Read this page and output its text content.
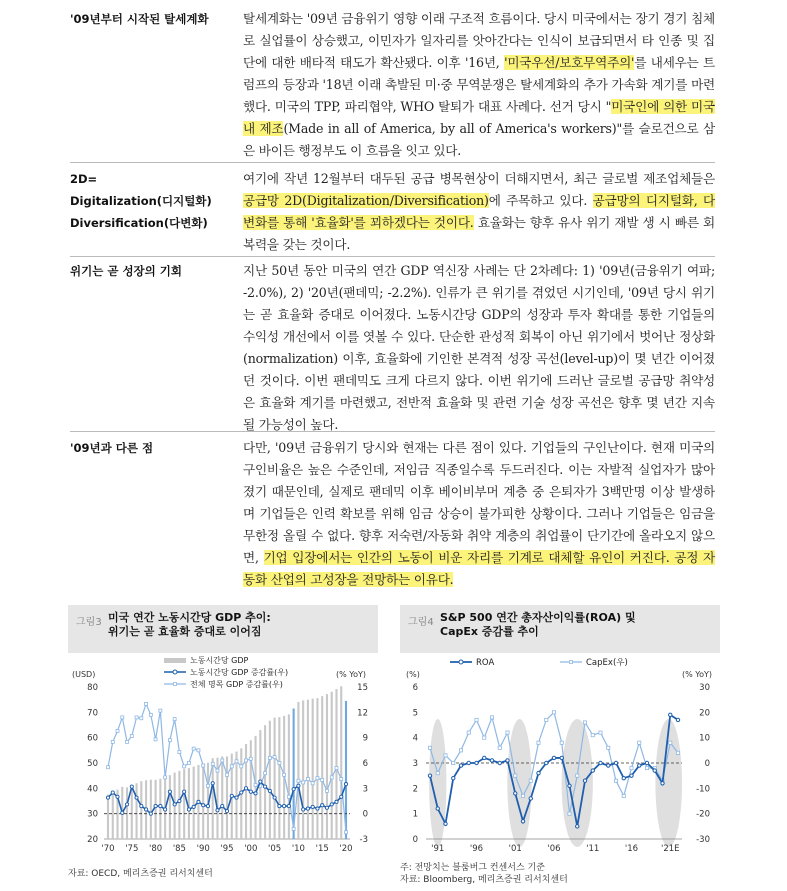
'09년부터 시작된 탈세계화	탈세계화는 '09년 금융위기 영향 이래 구조적 흐름이다. 당시 미국에서는 장기 경기 침체로 실업률이 상승했고, 이민자가 일자리를 앗아간다는 인식이 보급되면서 타 인종 및 집단에 대한 배타적 태도가 확산됐다. 이후 '16년, '미국우선/보호무역주의'를 내세우는 트럼프의 등장과 '18년 이래 촉발된 미·중 무역분쟁은 탈세계화의 추가 가속화 계기를 마련했다. 미국의 TPP, 파리협약, WHO 탈퇴가 대표 사례다. 선거 당시 "미국인에 의한 미국 내 제조(Made in all of America, by all of America's workers)"를 슬로건으로 삼은 바이든 행정부도 이 흐름을 잇고 있다.
2D=
Digitalization(디지털화)
Diversification(다변화)
여기에 작년 12월부터 대두된 공급 병목현상이 더해지면서, 최근 글로벌 제조업체들은 공급망 2D(Digitalization/Diversification)에 주목하고 있다. 공급망의 디지털화, 다변화를 통해 '효율화'를 꾀하겠다는 것이다. 효율화는 향후 유사 위기 재발 생 시 빠른 회복력을 갖는 것이다.
위기는 곧 성장의 기회	지난 50년 동안 미국의 연간 GDP 역신장 사례는 단 2차례다: 1) '09년(금융위기 여파; -2.0%), 2) '20년(팬데믹; -2.2%). 인류가 큰 위기를 겪었던 시기인데, '09년 당시 위기는 곧 효율화 증대로 이어졌다. 노동시간당 GDP의 성장과 투자 확대를 통한 기업들의 수익성 개선에서 이를 엿볼 수 있다. 단순한 관성적 회복이 아닌 위기에서 벗어난 정상화(normalization) 이후, 효율화에 기인한 본격적 성장 곡선(level-up)이 몇 년간 이어졌던 것이다. 이번 팬데믹도 크게 다르지 않다. 이번 위기에 드러난 글로벌 공급망 취약성은 효율화 계기를 마련했고, 전반적 효율화 및 관련 기술 성장 곡선은 향후 몇 년간 지속될 가능성이 높다.
'09년과 다른 점	다만, '09년 금융위기 당시와 현재는 다른 점이 있다. 기업들의 구인난이다. 현재 미국의 구인비율은 높은 수준인데, 저임금 직종일수록 두드러진다. 이는 자발적 실업자가 많아졌기 때문인데, 실제로 팬데믹 이후 베이비부머 계층 중 은퇴자가 3백만명 이상 발생하며 기업들은 인력 확보를 위해 임금 상승이 불가피한 상황이다. 그러나 기업들은 임금을 무한정 올릴 수 없다. 향후 저숙련/자동화 취약 계층의 취업률이 단기간에 올라오지 않으면, 기업 입장에서는 인간의 노동이 비운 자리를 기계로 대체할 유인이 커진다. 공정 자동화 산업의 고성장을 전망하는 이유다.
그림3 미국 연간 노동시간당 GDP 추이:
위기는 곧 효율화 증대로 이어짐
(USD)	(% YoY)
80
70
60
50
40
30
20
15
12
9
6
3
0
-3
'70 '75 '80 '85 '90 '95 '00 '05 '10 '15 '20
노동시간당 GDP
노동시간당 GDP 증감률(우)
전체 명목 GDP 증감률(우)
자료: OECD, 메리츠증권 리서치센터
그림4 S&P 500 연간 총자산이익률(ROA) 및
CapEx 증감률 추이
(%)	(% YoY)
6
5
4
3
2
1
0
30
20
10
0
-10
-20
-30
'91	'96	'01	'06	'11	'16	'21E
ROA	CapEx(우)
주: 전망치는 블룸버그 컨센서스 기준
자료: Bloomberg, 메리츠증권 리서치센터
